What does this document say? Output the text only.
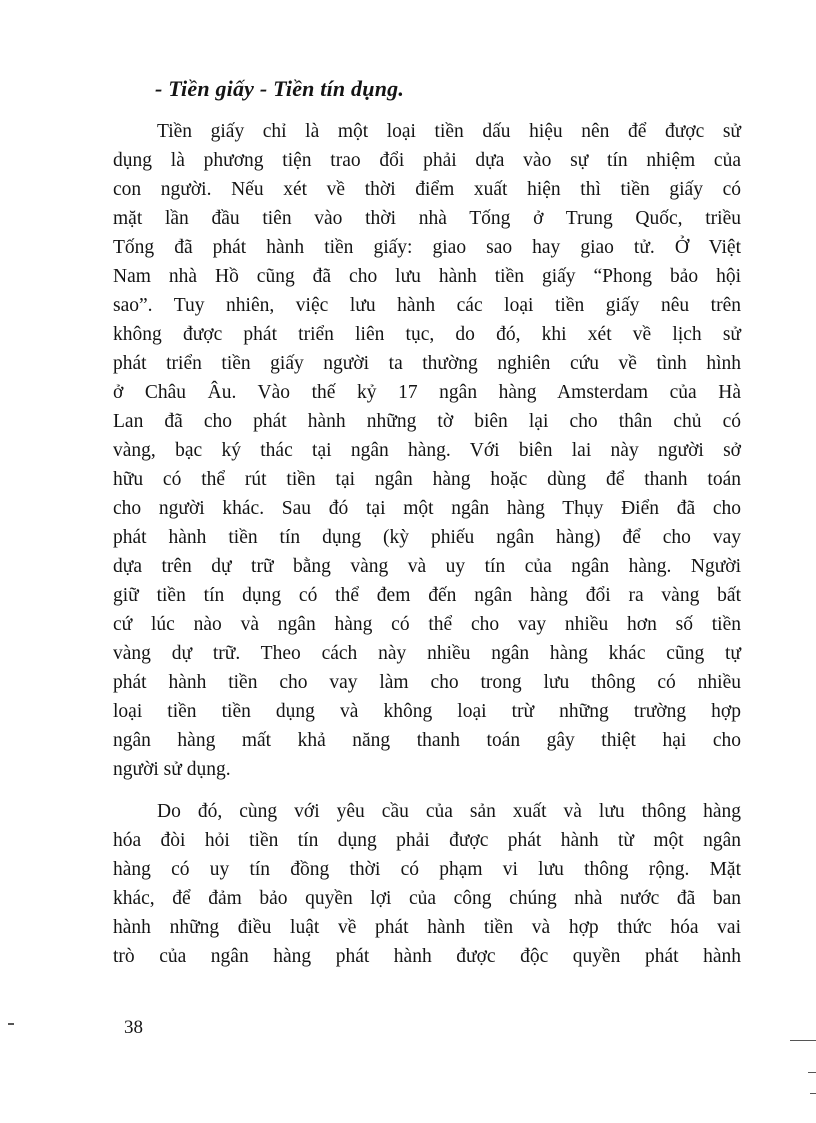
- Tiền giấy - Tiền tín dụng.
Tiền giấy chỉ là một loại tiền dấu hiệu nên để được sử
dụng là phương tiện trao đổi phải dựa vào sự tín nhiệm của
con người. Nếu xét về thời điểm xuất hiện thì tiền giấy có
mặt lần đầu tiên vào thời nhà Tống ở Trung Quốc, triều
Tống đã phát hành tiền giấy: giao sao hay giao tử. Ở Việt
Nam nhà Hồ cũng đã cho lưu hành tiền giấy “Phong bảo hội
sao”. Tuy nhiên, việc lưu hành các loại tiền giấy nêu trên
không được phát triển liên tục, do đó, khi xét về lịch sử
phát triển tiền giấy người ta thường nghiên cứu về tình hình
ở Châu Âu. Vào thế kỷ 17 ngân hàng Amsterdam của Hà
Lan đã cho phát hành những tờ biên lại cho thân chủ có
vàng, bạc ký thác tại ngân hàng. Với biên lai này người sở
hữu có thể rút tiền tại ngân hàng hoặc dùng để thanh toán
cho người khác. Sau đó tại một ngân hàng Thụy Điển đã cho
phát hành tiền tín dụng (kỳ phiếu ngân hàng) để cho vay
dựa trên dự trữ bằng vàng và uy tín của ngân hàng. Người
giữ tiền tín dụng có thể đem đến ngân hàng đổi ra vàng bất
cứ lúc nào và ngân hàng có thể cho vay nhiều hơn số tiền
vàng dự trữ. Theo cách này nhiều ngân hàng khác cũng tự
phát hành tiền cho vay làm cho trong lưu thông có nhiều
loại tiền tiền dụng và không loại trừ những trường hợp
ngân hàng mất khả năng thanh toán gây thiệt hại cho
người sử dụng.
Do đó, cùng với yêu cầu của sản xuất và lưu thông hàng
hóa đòi hỏi tiền tín dụng phải được phát hành từ một ngân
hàng có uy tín đồng thời có phạm vi lưu thông rộng. Mặt
khác, để đảm bảo quyền lợi của công chúng nhà nước đã ban
hành những điều luật về phát hành tiền và hợp thức hóa vai
trò của ngân hàng phát hành được độc quyền phát hành
38
